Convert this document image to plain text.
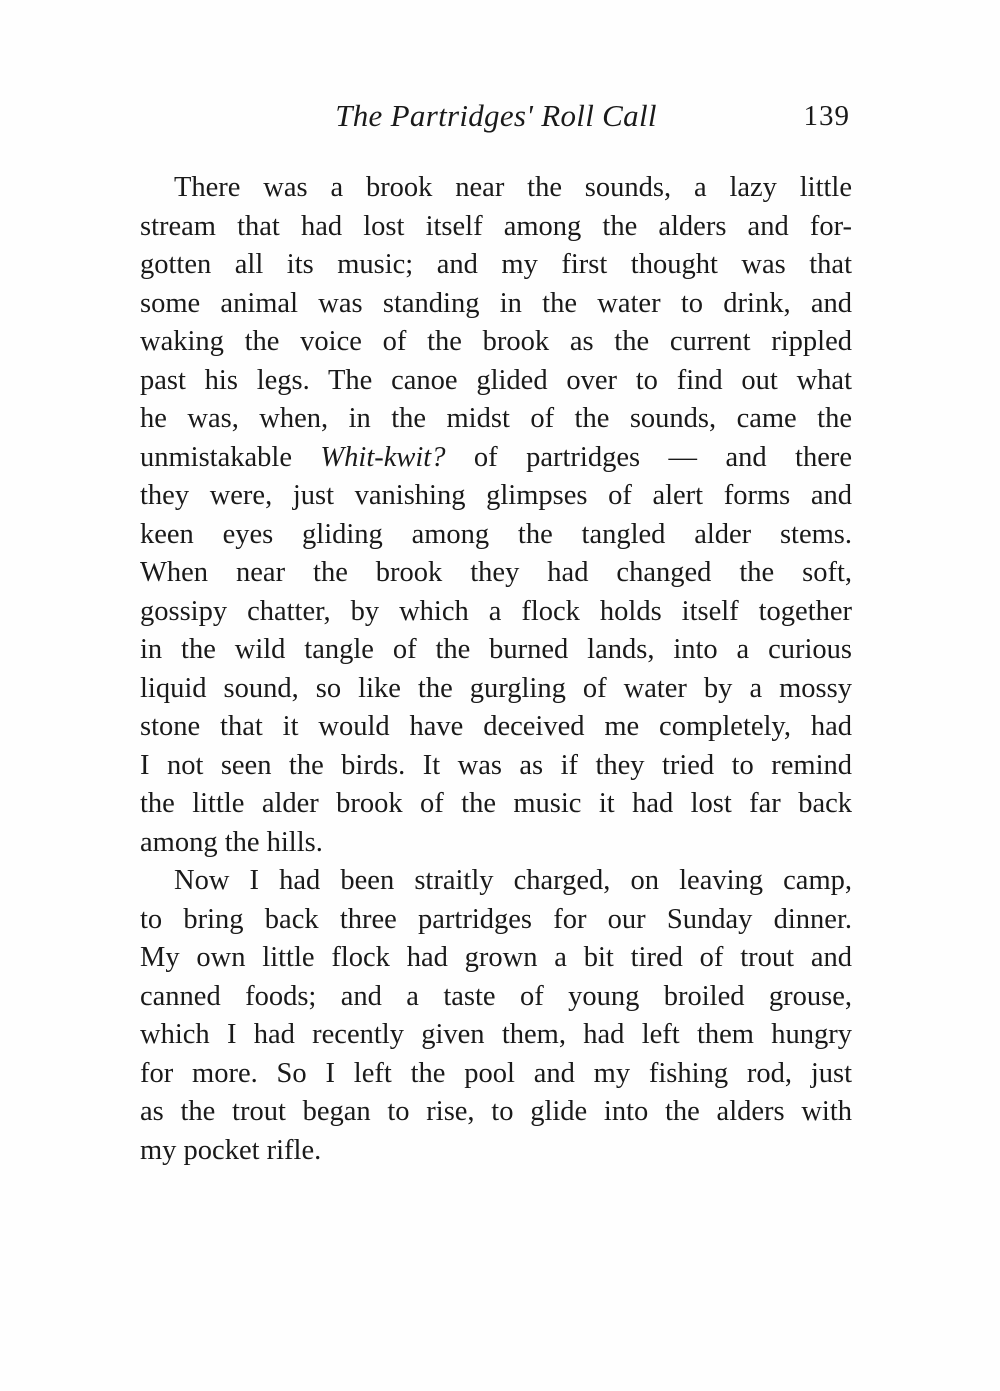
The Partridges' Roll Call	139

There was a brook near the sounds, a lazy little
stream that had lost itself among the alders and for-
gotten all its music; and my first thought was that
some animal was standing in the water to drink, and
waking the voice of the brook as the current rippled
past his legs. The canoe glided over to find out what
he was, when, in the midst of the sounds, came the
unmistakable Whit-kwit? of partridges — and there
they were, just vanishing glimpses of alert forms and
keen eyes gliding among the tangled alder stems.
When near the brook they had changed the soft,
gossipy chatter, by which a flock holds itself together
in the wild tangle of the burned lands, into a curious
liquid sound, so like the gurgling of water by a mossy
stone that it would have deceived me completely, had
I not seen the birds. It was as if they tried to remind
the little alder brook of the music it had lost far back
among the hills.

Now I had been straitly charged, on leaving camp,
to bring back three partridges for our Sunday dinner.
My own little flock had grown a bit tired of trout and
canned foods; and a taste of young broiled grouse,
which I had recently given them, had left them hungry
for more. So I left the pool and my fishing rod, just
as the trout began to rise, to glide into the alders with
my pocket rifle.
